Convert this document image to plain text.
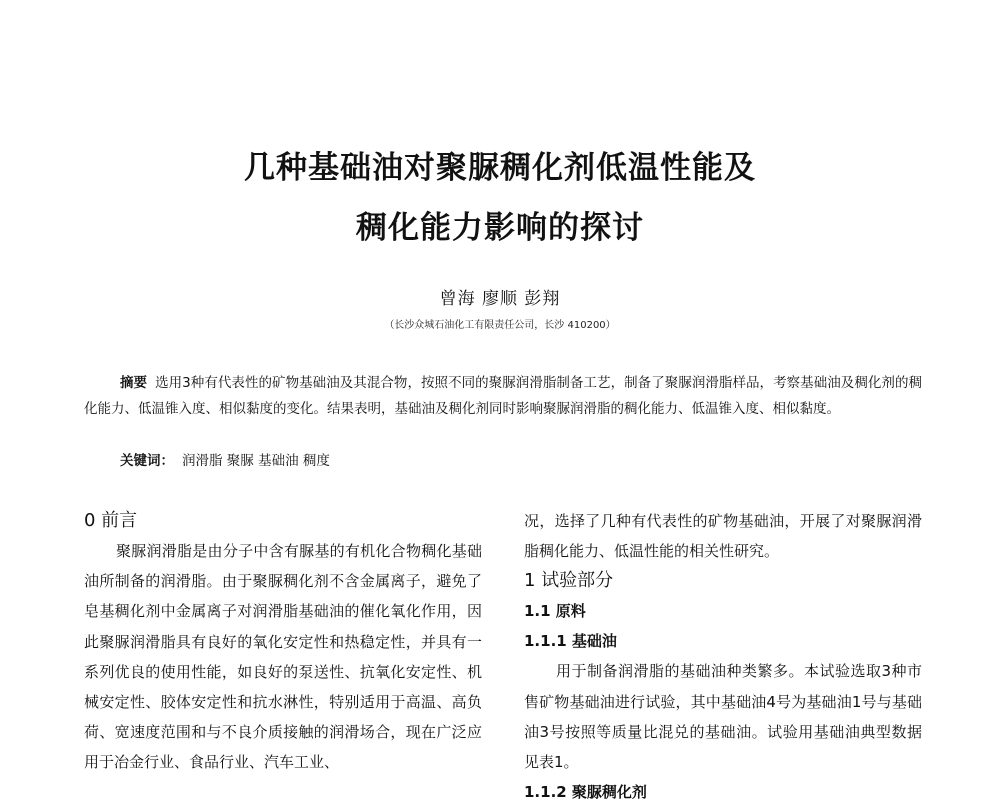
几种基础油对聚脲稠化剂低温性能及
稠化能力影响的探讨
曾海 廖顺 彭翔
（长沙众城石油化工有限责任公司，长沙 410200）
摘要 选用3种有代表性的矿物基础油及其混合物，按照不同的聚脲润滑脂制备工艺，制备了聚脲润滑脂样品，考察基础油及稠化剂的稠化能力、低温锥入度、相似黏度的变化。结果表明，基础油及稠化剂同时影响聚脲润滑脂的稠化能力、低温锥入度、相似黏度。
关键词： 润滑脂 聚脲 基础油 稠度
0 前言

聚脲润滑脂是由分子中含有脲基的有机化合物稠化基础油所制备的润滑脂。由于聚脲稠化剂不含金属离子，避免了皂基稠化剂中金属离子对润滑脂基础油的催化氧化作用，因此聚脲润滑脂具有良好的氧化安定性和热稳定性，并具有一系列优良的使用性能，如良好的泵送性、抗氧化安定性、机械安定性、胶体安定性和抗水淋性，特别适用于高温、高负荷、宽速度范围和与不良介质接触的润滑场合，现在广泛应用于冶金行业、食品行业、汽车工业、

况，选择了几种有代表性的矿物基础油，开展了对聚脲润滑脂稠化能力、低温性能的相关性研究。

1 试验部分
1.1 原料
1.1.1 基础油

用于制备润滑脂的基础油种类繁多。本试验选取3种市售矿物基础油进行试验，其中基础油4号为基础油1号与基础油3号按照等质量比混兑的基础油。试验用基础油典型数据见表1。

1.1.2 聚脲稠化剂
